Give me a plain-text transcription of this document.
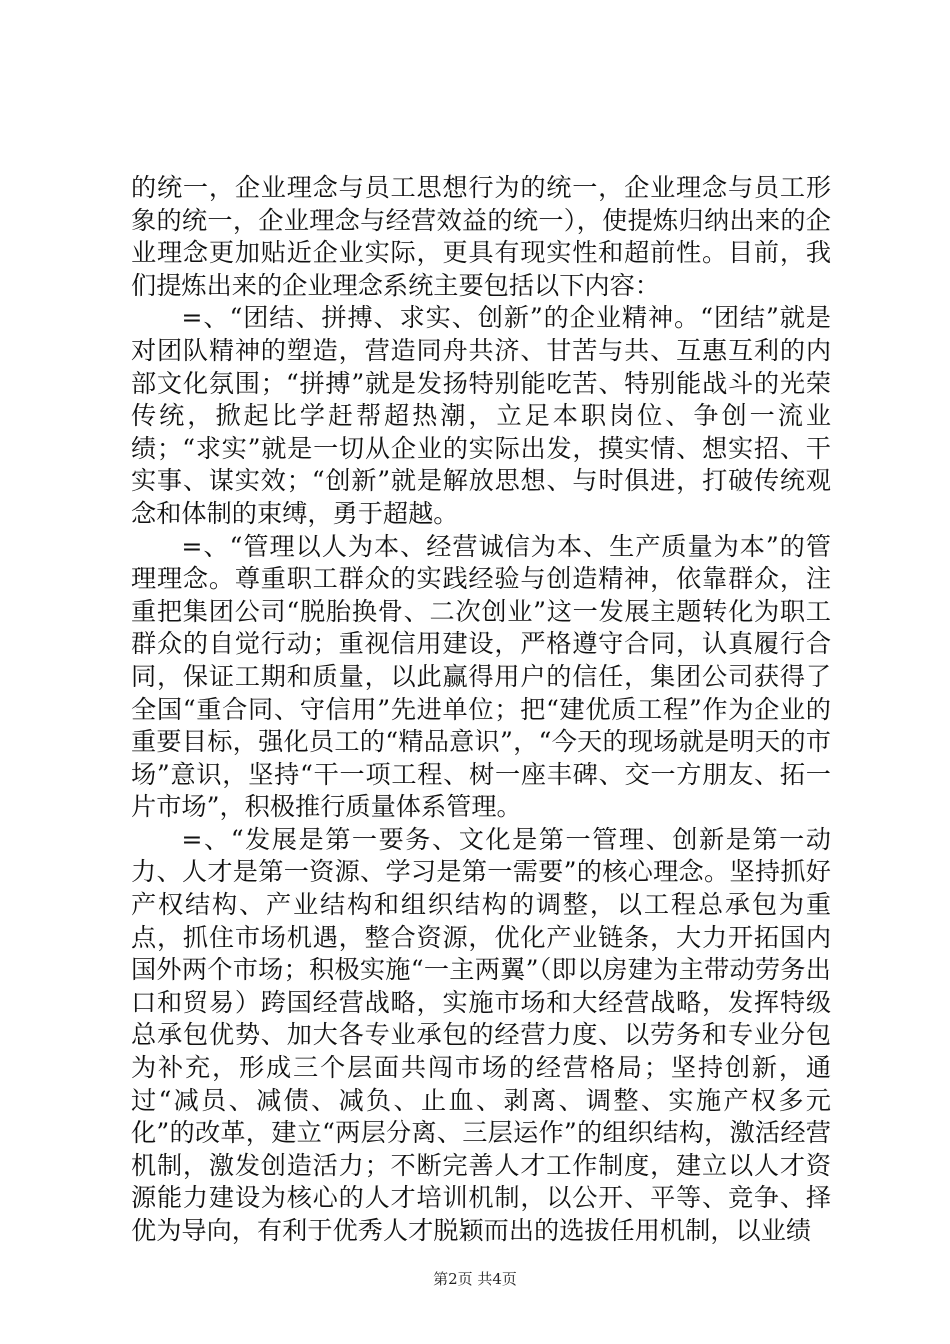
的统一，企业理念与员工思想行为的统一，企业理念与员工形象的统一，企业理念与经营效益的统一），使提炼归纳出来的企业理念更加贴近企业实际，更具有现实性和超前性。目前，我们提炼出来的企业理念系统主要包括以下内容：

=、“团结、拼搏、求实、创新”的企业精神。“团结”就是对团队精神的塑造，营造同舟共济、甘苦与共、互惠互利的内部文化氛围；“拼搏”就是发扬特别能吃苦、特别能战斗的光荣传统，掀起比学赶帮超热潮，立足本职岗位、争创一流业绩；“求实”就是一切从企业的实际出发，摸实情、想实招、干实事、谋实效；“创新”就是解放思想、与时俱进，打破传统观念和体制的束缚，勇于超越。

=、“管理以人为本、经营诚信为本、生产质量为本”的管理理念。尊重职工群众的实践经验与创造精神，依靠群众，注重把集团公司“脱胎换骨、二次创业”这一发展主题转化为职工群众的自觉行动；重视信用建设，严格遵守合同，认真履行合同，保证工期和质量，以此赢得用户的信任，集团公司获得了全国“重合同、守信用”先进单位；把“建优质工程”作为企业的重要目标，强化员工的“精品意识”，“今天的现场就是明天的市场”意识，坚持“干一项工程、树一座丰碑、交一方朋友、拓一片市场”，积极推行质量体系管理。

=、“发展是第一要务、文化是第一管理、创新是第一动力、人才是第一资源、学习是第一需要”的核心理念。坚持抓好产权结构、产业结构和组织结构的调整，以工程总承包为重点，抓住市场机遇，整合资源，优化产业链条，大力开拓国内国外两个市场；积极实施“一主两翼”（即以房建为主带动劳务出口和贸易）跨国经营战略，实施市场和大经营战略，发挥特级总承包优势、加大各专业承包的经营力度、以劳务和专业分包为补充，形成三个层面共闯市场的经营格局；坚持创新，通过“减员、减债、减负、止血、剥离、调整、实施产权多元化”的改革，建立“两层分离、三层运作”的组织结构，激活经营机制，激发创造活力；不断完善人才工作制度，建立以人才资源能力建设为核心的人才培训机制，以公开、平等、竞争、择优为导向，有利于优秀人才脱颖而出的选拔任用机制，以业绩

第2页 共4页
